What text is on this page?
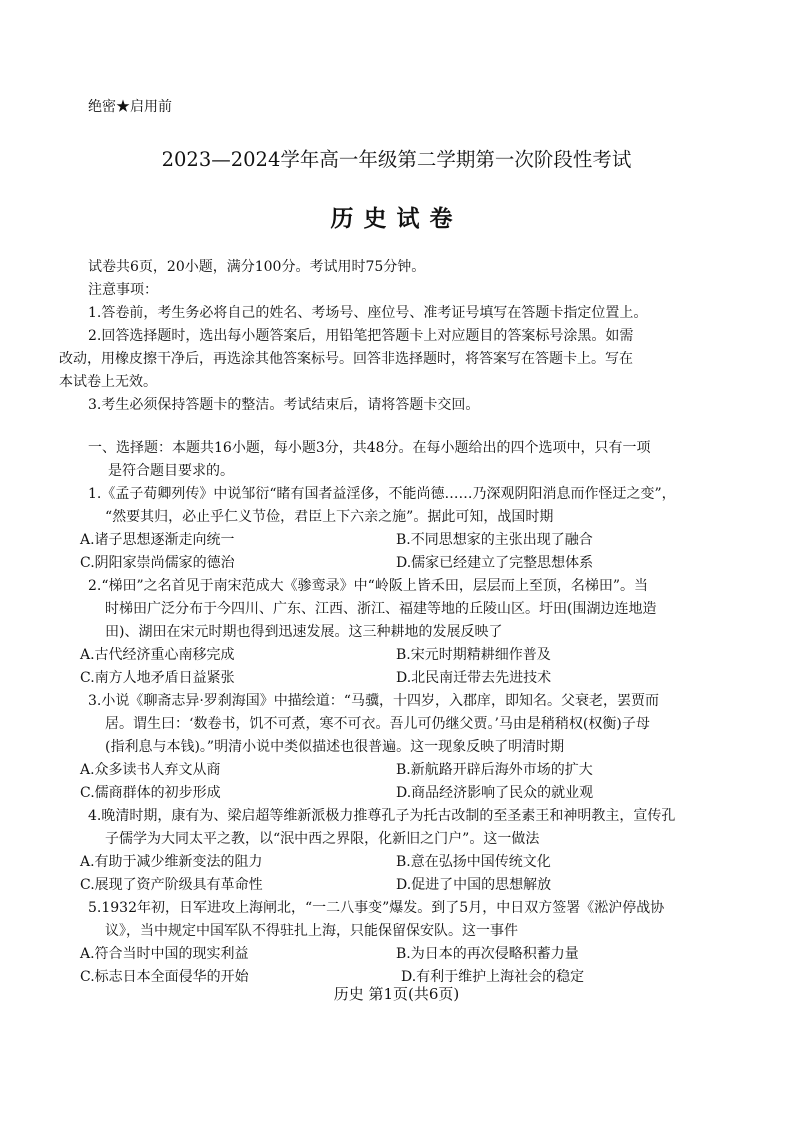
绝密★启用前
2023—2024学年高一年级第二学期第一次阶段性考试
历史试卷
试卷共6页，20小题，满分100分。考试用时75分钟。
注意事项：
1.答卷前，考生务必将自己的姓名、考场号、座位号、准考证号填写在答题卡指定位置上。
2.回答选择题时，选出每小题答案后，用铅笔把答题卡上对应题目的答案标号涂黑。如需
改动，用橡皮擦干净后，再选涂其他答案标号。回答非选择题时，将答案写在答题卡上。写在
本试卷上无效。
3.考生必须保持答题卡的整洁。考试结束后，请将答题卡交回。
一、选择题：本题共16小题，每小题3分，共48分。在每小题给出的四个选项中，只有一项
是符合题目要求的。
1.《孟子荀卿列传》中说邹衍“睹有国者益淫侈，不能尚德……乃深观阴阳消息而作怪迂之变”，
“然要其归，必止乎仁义节俭，君臣上下六亲之施”。据此可知，战国时期
A.诸子思想逐渐走向统一	B.不同思想家的主张出现了融合
C.阴阳家崇尚儒家的德治	D.儒家已经建立了完整思想体系
2.“梯田”之名首见于南宋范成大《骖鸾录》中“岭阪上皆禾田，层层而上至顶，名梯田”。当
时梯田广泛分布于今四川、广东、江西、浙江、福建等地的丘陵山区。圩田(围湖边连地造
田)、湖田在宋元时期也得到迅速发展。这三种耕地的发展反映了
A.古代经济重心南移完成	B.宋元时期精耕细作普及
C.南方人地矛盾日益紧张	D.北民南迁带去先进技术
3.小说《聊斋志异·罗刹海国》中描绘道：“马骥，十四岁，入郡庠，即知名。父衰老，罢贾而
居。谓生曰：‘数卷书，饥不可煮，寒不可衣。吾儿可仍继父贾。’马由是稍稍权(权衡)子母
(指利息与本钱)。”明清小说中类似描述也很普遍。这一现象反映了明清时期
A.众多读书人弃文从商	B.新航路开辟后海外市场的扩大
C.儒商群体的初步形成	D.商品经济影响了民众的就业观
4.晚清时期，康有为、梁启超等维新派极力推尊孔子为托古改制的至圣素王和神明教主，宣传孔
子儒学为大同太平之教，以“泯中西之界限，化新旧之门户”。这一做法
A.有助于减少维新变法的阻力	B.意在弘扬中国传统文化
C.展现了资产阶级具有革命性	D.促进了中国的思想解放
5.1932年初，日军进攻上海闸北，“一二八事变”爆发。到了5月，中日双方签署《淞沪停战协
议》，当中规定中国军队不得驻扎上海，只能保留保安队。这一事件
A.符合当时中国的现实利益	B.为日本的再次侵略积蓄力量
C.标志日本全面侵华的开始	D.有利于维护上海社会的稳定
历史 第1页(共6页)
